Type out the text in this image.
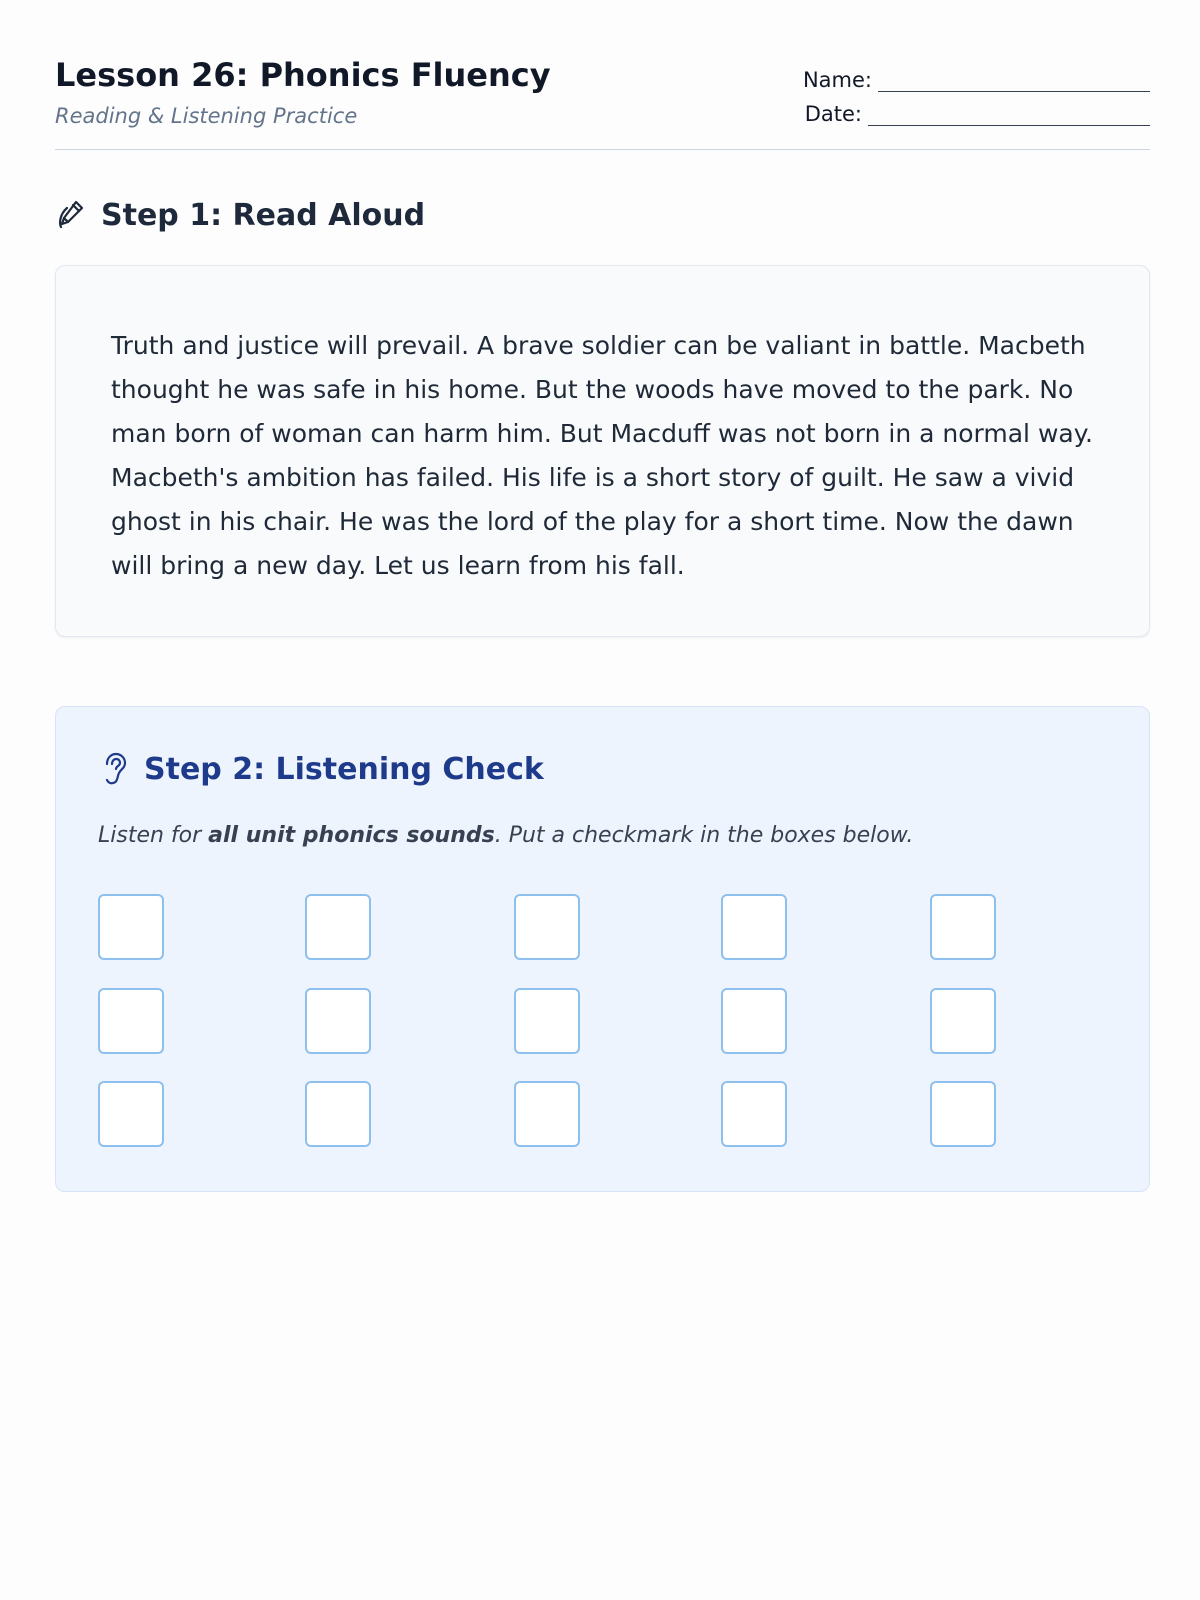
Lesson 26: Phonics Fluency
Reading & Listening Practice
Name:
Date:
Step 1: Read Aloud

Truth and justice will prevail. A brave soldier can be valiant in battle. Macbeth thought he was safe in his home. But the woods have moved to the park. No man born of woman can harm him. But Macduff was not born in a normal way. Macbeth's ambition has failed. His life is a short story of guilt. He saw a vivid ghost in his chair. He was the lord of the play for a short time. Now the dawn will bring a new day. Let us learn from his fall.

Step 2: Listening Check

Listen for all unit phonics sounds. Put a checkmark in the boxes below.
